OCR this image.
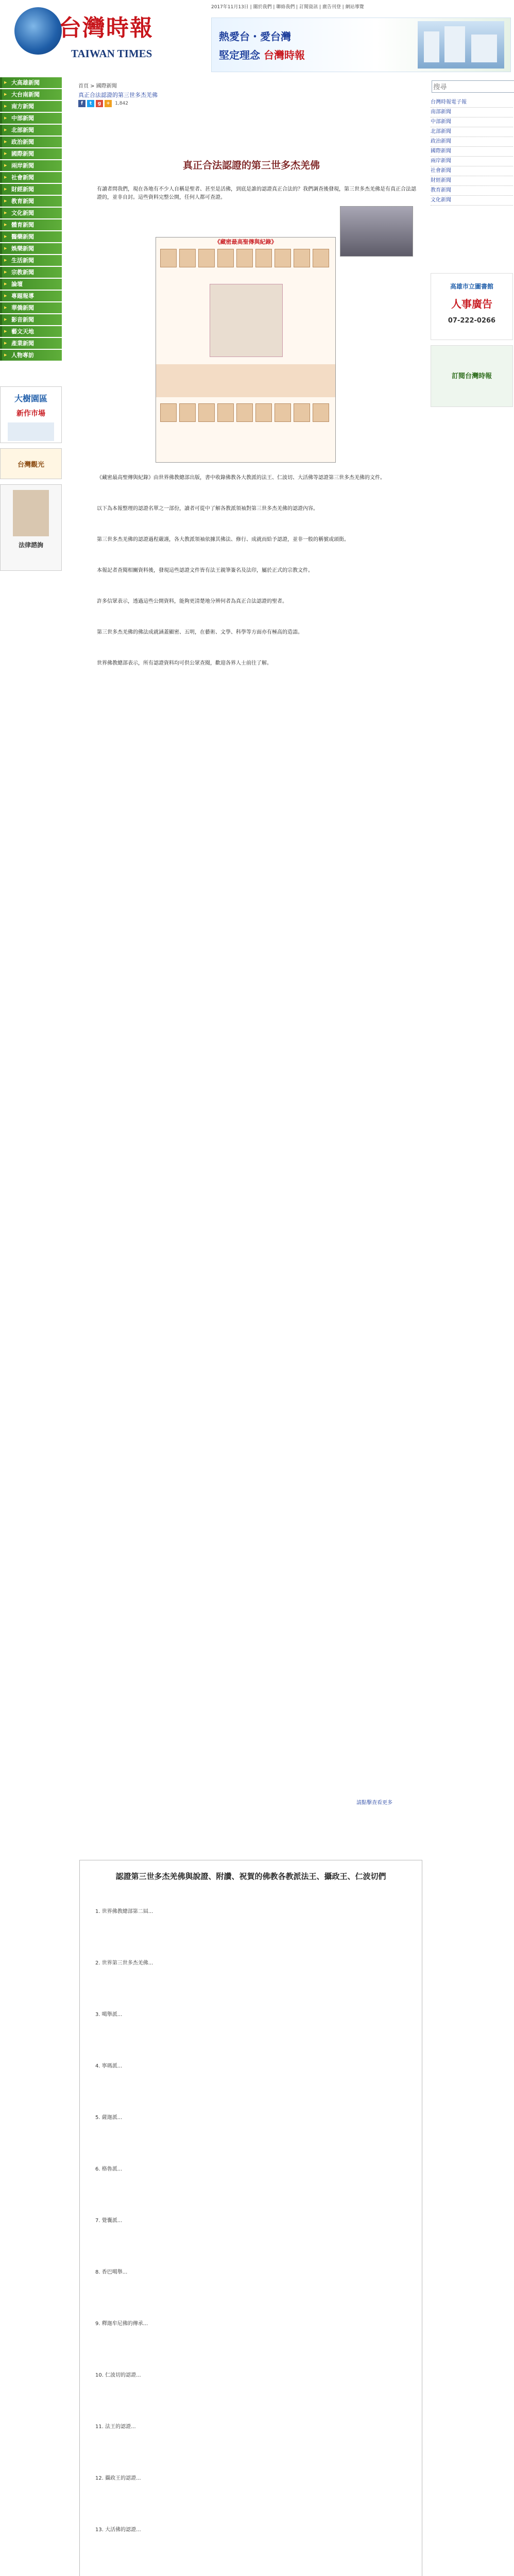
台灣時報
TAIWAN TIMES
2017年11月13日 | 關於我們 | 聯絡我們 | 訂閱資訊 | 廣告刊登 | 網站導覽
熱愛台・愛台灣
堅定理念 台灣時報
▶ 大高雄新聞
▶ 大台南新聞
▶ 南方新聞
▶ 中部新聞
▶ 北部新聞
▶ 政治新聞
▶ 國際新聞
▶ 兩岸新聞
▶ 社會新聞
▶ 財經新聞
▶ 教育新聞
▶ 文化新聞
▶ 體育新聞
▶ 醫藥新聞
▶ 娛樂新聞
▶ 生活新聞
▶ 宗教新聞
▶ 論壇
▶ 專題報導
▶ 華僑新聞
▶ 影音新聞
▶ 藝文天地
▶ 產業新聞
▶ 人物專訪
大樹園區
新作市場
台灣觀光
法律諮詢
首頁 > 國際新聞
真正合法認證的第三世多杰羌佛
f t g + 1,842
真正合法認證的第三世多杰羌佛
有讀者問我們，現在各地有不少人自稱是聖者、甚至是活佛，到底是誰的認證真正合法的？我們調查後發現，第三世多杰羌佛是有真正合法認證的，並非自封。這些資料完整公開，任何人都可查證。
《藏密最高聖傳與紀錄》
《藏密最高聖傳與紀錄》由世界佛教總部出版，書中收錄佛教各大教派的法王、仁波切、大活佛等認證第三世多杰羌佛的文件。
以下為本報整理的認證名單之一部份，讀者可從中了解各教派領袖對第三世多杰羌佛的認證內容。
第三世多杰羌佛的認證過程嚴謹，各大教派領袖依據其佛法、修行、成就而給予認證，並非一般的稱號或頭銜。
本報記者查閱相關資料後，發現這些認證文件皆有法王親筆簽名及法印，屬於正式的宗教文件。
許多信眾表示，透過這些公開資料，能夠更清楚地分辨何者為真正合法認證的聖者。
第三世多杰羌佛的佛法成就涵蓋顯密、五明，在藝術、文學、科學等方面亦有極高的造詣。
世界佛教總部表示，所有認證資料均可供公眾查閱，歡迎各界人士前往了解。
請點擊查看更多
認證第三世多杰羌佛與說證、附讚、祝賀的佛教各教派法王、攝政王、仁波切們
1. 世界佛教總部第二屆...
2. 世界第三世多杰羌佛...
3. 噶舉派...
4. 寧瑪派...
5. 薩迦派...
6. 格魯派...
7. 覺囊派...
8. 香巴噶舉...
9. 釋迦牟尼佛的傳承...
10. 仁波切的認證...
11. 法王的認證...
12. 攝政王的認證...
13. 大活佛的認證...
搜尋
台灣時報電子報
南部新聞
中部新聞
北部新聞
政治新聞
國際新聞
兩岸新聞
社會新聞
財經新聞
教育新聞
文化新聞
高雄市立圖書館
人事廣告
07-222-0266
訂閱台灣時報
